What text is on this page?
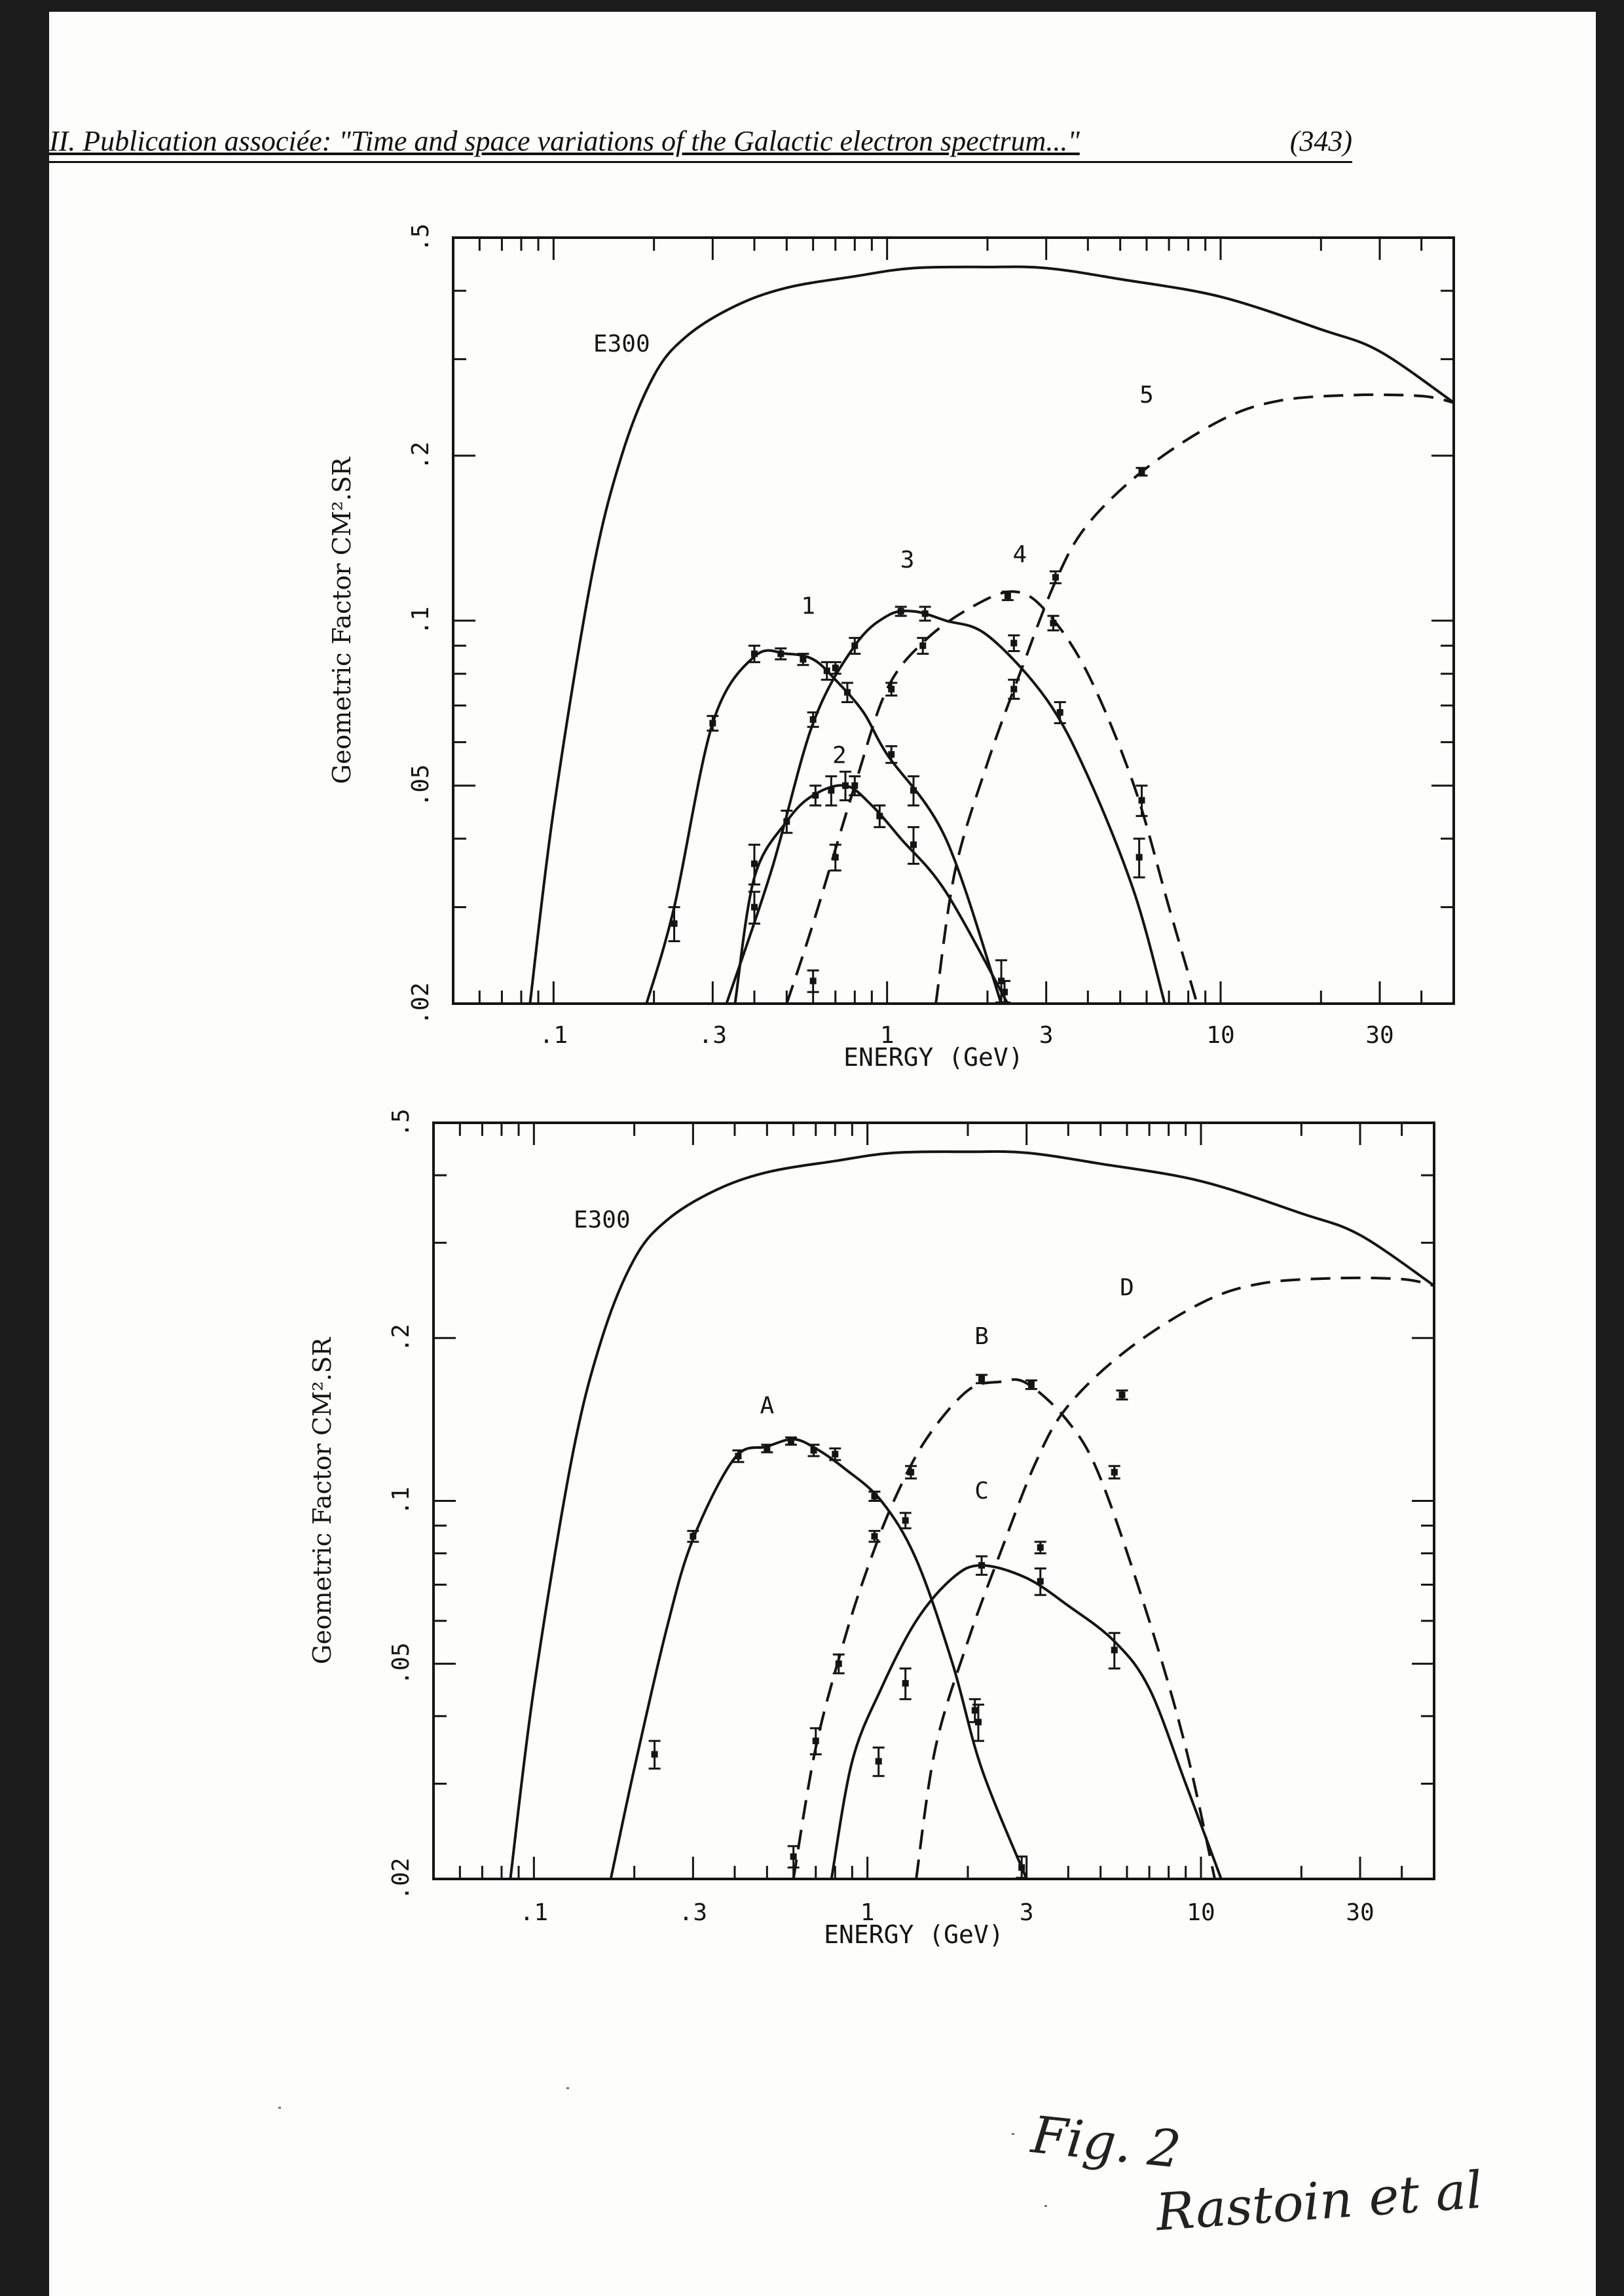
II. Publication associée: "Time and space variations of the Galactic electron spectrum..."	(343)
.1	.3	1	3	10	30
.02
.05
.1
.2
.5
ENERGY (GeV)
Geometric Factor CM².SR
E300
1
2
3	4
5
.1	.3	1	3	10	30
.02
.05
.1
.2
.5
ENERGY (GeV)
Geometric Factor CM².SR
E300
A
B
C
D
Fig. 2
Rastoin et al
